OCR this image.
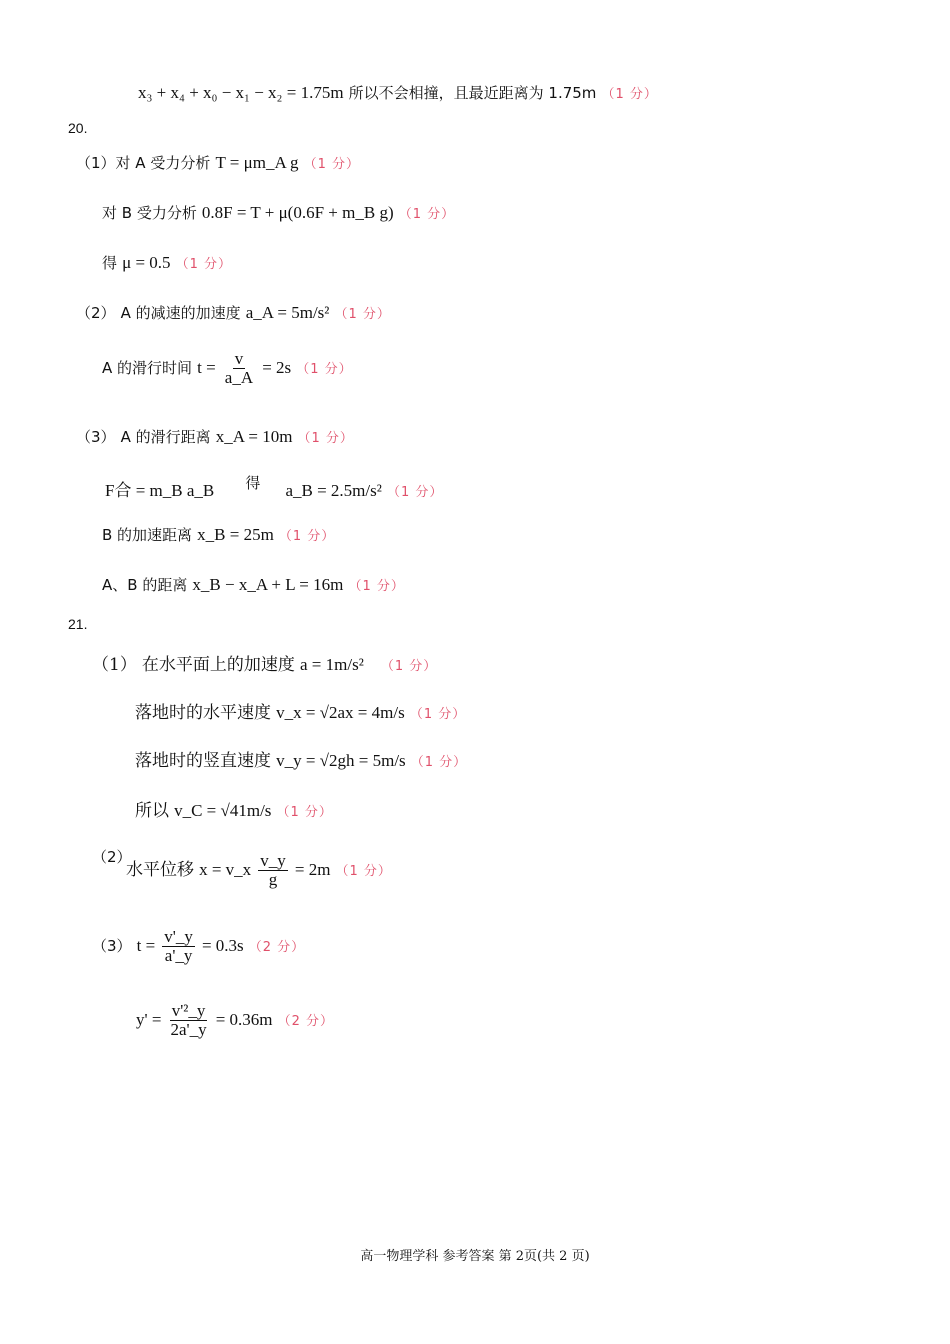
x₃ + x₄ + x₀ − x₁ − x₂ = 1.75m 所以不会相撞，且最近距离为 1.75m （1 分）
20.
（1）对 A 受力分析 T = μm_A g （1 分）
对 B 受力分析 0.8F = T + μ(0.6F + m_B g) （1 分）
得 μ = 0.5 （1 分）
（2） A 的减速的加速度 a_A = 5m/s² （1 分）
A 的滑行时间 $t = \frac{v}{a\_A} = 2s$ （1 分）
（3） A 的滑行距离 x_A = 10m （1 分）
F合 = m_B a_B 得 a_B = 2.5m/s² （1 分）
B 的加速距离 x_B = 25m （1 分）
A、B 的距离 x_B − x_A + L = 16m （1 分）
21.
（1） 在水平面上的加速度 a = 1m/s² （1 分）
落地时的水平速度 v_x = √2ax = 4m/s （1 分）
落地时的竖直速度 v_y = √2gh = 5m/s （1 分）
所以 v_C = √41m/s （1 分）
（2）
水平位移 x = v_x $\frac{v\_y}{g} = 2m$ （1 分）
（3） $t = \frac{v'\_y}{a'\_y} = 0.3s$ （2 分）
$y' = \frac{\text{v'²\_y}}{2a'\_y} = 0.36m$ （2 分）
高一物理学科 参考答案 第 2页(共 2 页)
